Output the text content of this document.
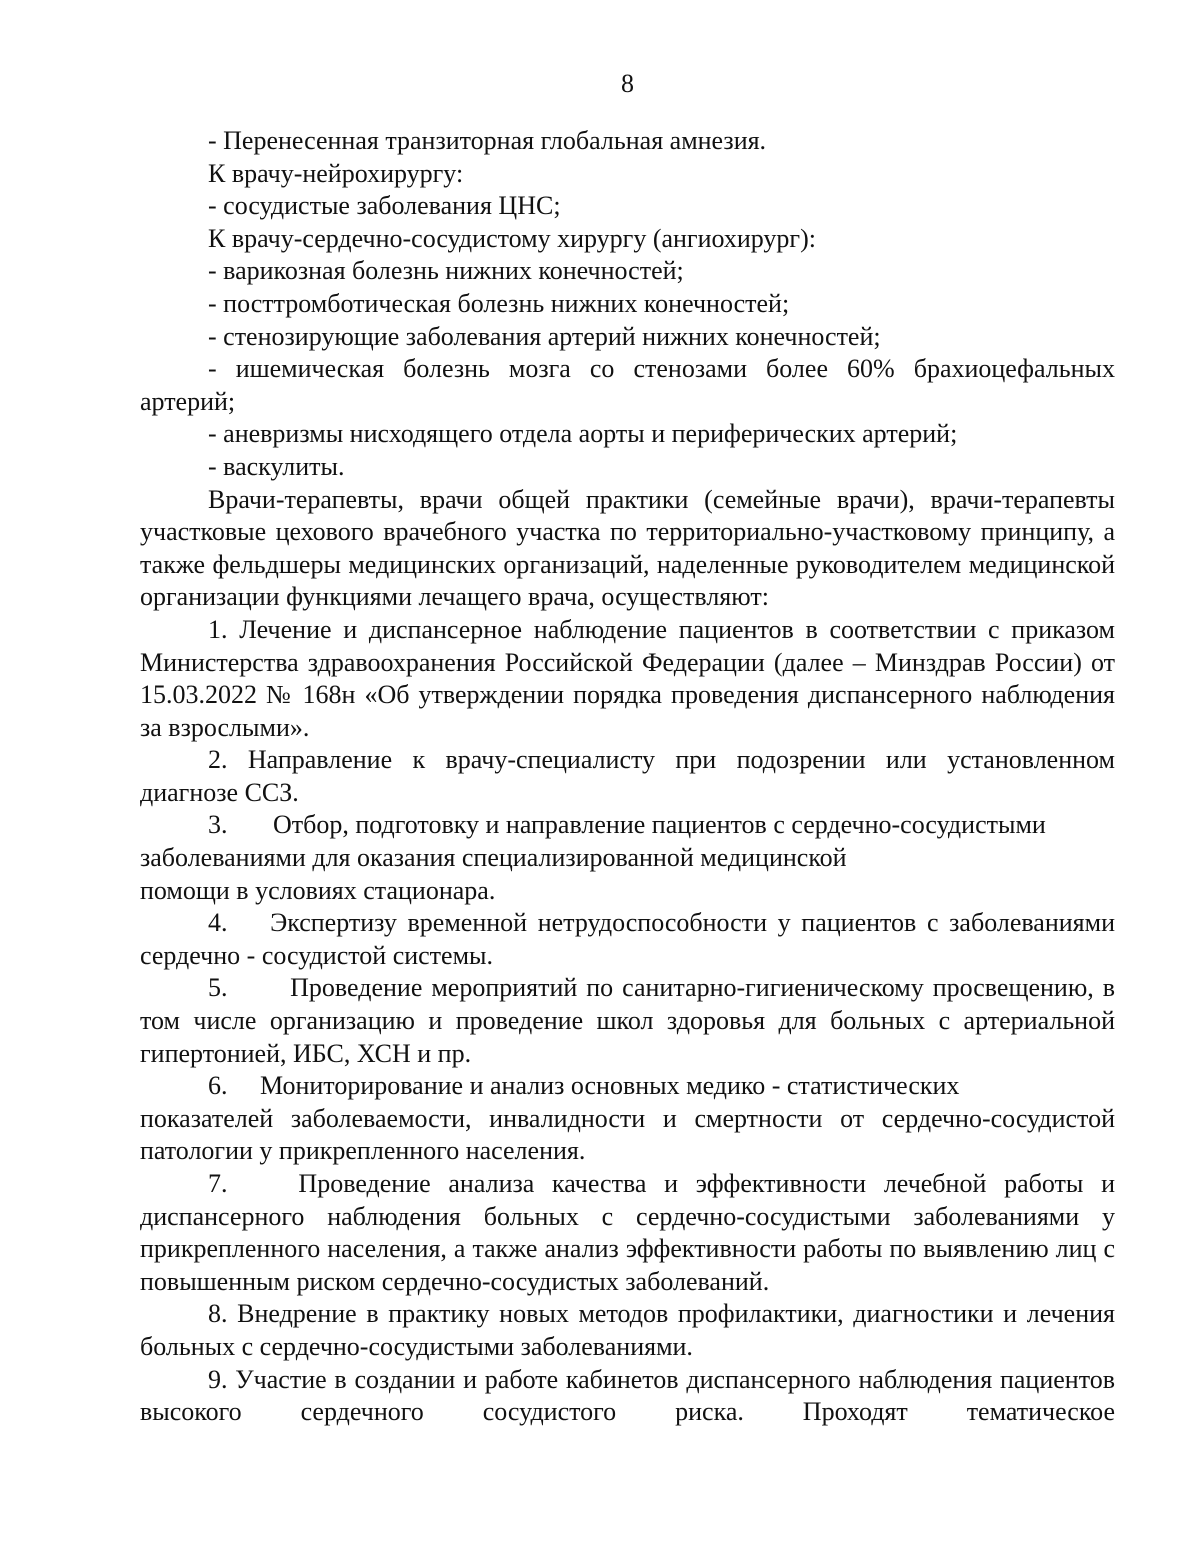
8

- Перенесенная транзиторная глобальная амнезия.

К врачу-нейрохирургу:

- сосудистые заболевания ЦНС;

К врачу-сердечно-сосудистому хирургу (ангиохирург):

- варикозная болезнь нижних конечностей;

- посттромботическая болезнь нижних конечностей;

- стенозирующие заболевания артерий нижних конечностей;

- ишемическая болезнь мозга со стенозами более 60% брахиоцефальных артерий;

- аневризмы нисходящего отдела аорты и периферических артерий;

- васкулиты.

Врачи-терапевты, врачи общей практики (семейные врачи), врачи-терапевты участковые цехового врачебного участка по территориально-участковому принципу, а также фельдшеры медицинских организаций, наделенные руководителем медицинской организации функциями лечащего врача, осуществляют:

1. Лечение и диспансерное наблюдение пациентов в соответствии с приказом Министерства здравоохранения Российской Федерации (далее – Минздрав России) от 15.03.2022 № 168н «Об утверждении порядка проведения диспансерного наблюдения за взрослыми».

2. Направление к врачу-специалисту при подозрении или установленном диагнозе ССЗ.

3.       Отбор, подготовку и направление пациентов с сердечно-сосудистыми

заболеваниями для оказания специализированной медицинской

помощи в условиях стационара.

4.    Экспертизу временной нетрудоспособности у пациентов с заболеваниями сердечно - сосудистой системы.

5.       Проведение мероприятий по санитарно-гигиеническому просвещению, в том числе организацию и проведение школ здоровья для больных с артериальной гипертонией, ИБС, ХСН и пр.

6.     Мониторирование и анализ основных медико - статистических

показателей заболеваемости, инвалидности и смертности от сердечно-сосудистой патологии у прикрепленного населения.

7.    Проведение анализа качества и эффективности лечебной работы и диспансерного наблюдения больных с сердечно-сосудистыми заболеваниями у прикрепленного населения, а также анализ эффективности работы по выявлению лиц с повышенным риском сердечно-сосудистых заболеваний.

8. Внедрение в практику новых методов профилактики, диагностики и лечения больных с сердечно-сосудистыми заболеваниями.

9. Участие в создании и работе кабинетов диспансерного наблюдения пациентов высокого сердечного сосудистого риска. Проходят тематическое
